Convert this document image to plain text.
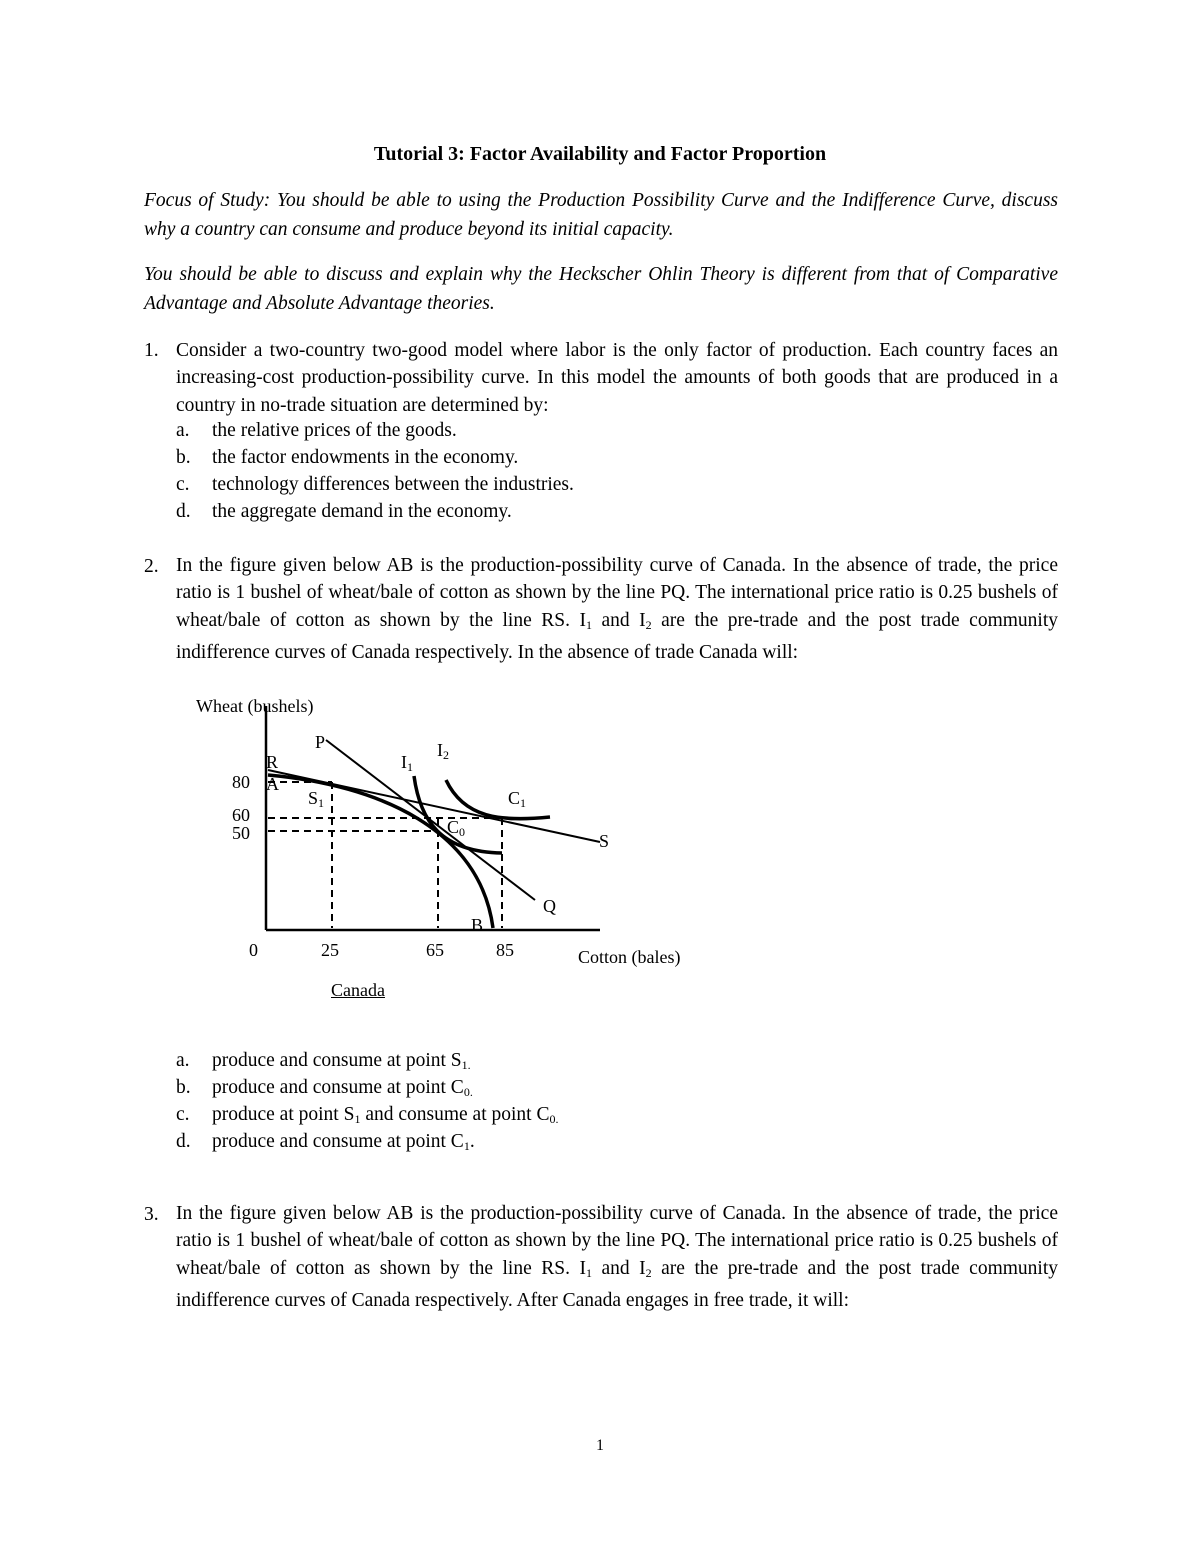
Tutorial 3: Factor Availability and Factor Proportion

Focus of Study: You should be able to using the Production Possibility Curve and the Indifference Curve, discuss why a country can consume and produce beyond its initial capacity.

You should be able to discuss and explain why the Heckscher Ohlin Theory is different from that of Comparative Advantage and Absolute Advantage theories.

1. Consider a two-country two-good model where labor is the only factor of production. Each country faces an increasing-cost production-possibility curve. In this model the amounts of both goods that are produced in a country in no-trade situation are determined by:

a. the relative prices of the goods.
b. the factor endowments in the economy.
c. technology differences between the industries.
d. the aggregate demand in the economy.
2. In the figure given below AB is the production-possibility curve of Canada. In the absence of trade, the price ratio is 1 bushel of wheat/bale of cotton as shown by the line PQ. The international price ratio is 0.25 bushels of wheat/bale of cotton as shown by the line RS. $I_1$ and $I_2$ are the pre-trade and the post trade community indifference curves of Canada respectively. In the absence of trade Canada will:

Wheat (bushels)
P
R
A
$I_1$
$I_2$
$S_1$	$C_1$
$C_0$	S
Q
B
80
60
50
0	25	65	85	Cotton (bales)
Canada
a. produce and consume at point $S_{1.}$
b. produce and consume at point $C_{0.}$
c. produce at point $S_1$ and consume at point $C_{0.}$
d. produce and consume at point $C_1$.
3. In the figure given below AB is the production-possibility curve of Canada. In the absence of trade, the price ratio is 1 bushel of wheat/bale of cotton as shown by the line PQ. The international price ratio is 0.25 bushels of wheat/bale of cotton as shown by the line RS. $I_1$ and $I_2$ are the pre-trade and the post trade community indifference curves of Canada respectively. After Canada engages in free trade, it will:

1
